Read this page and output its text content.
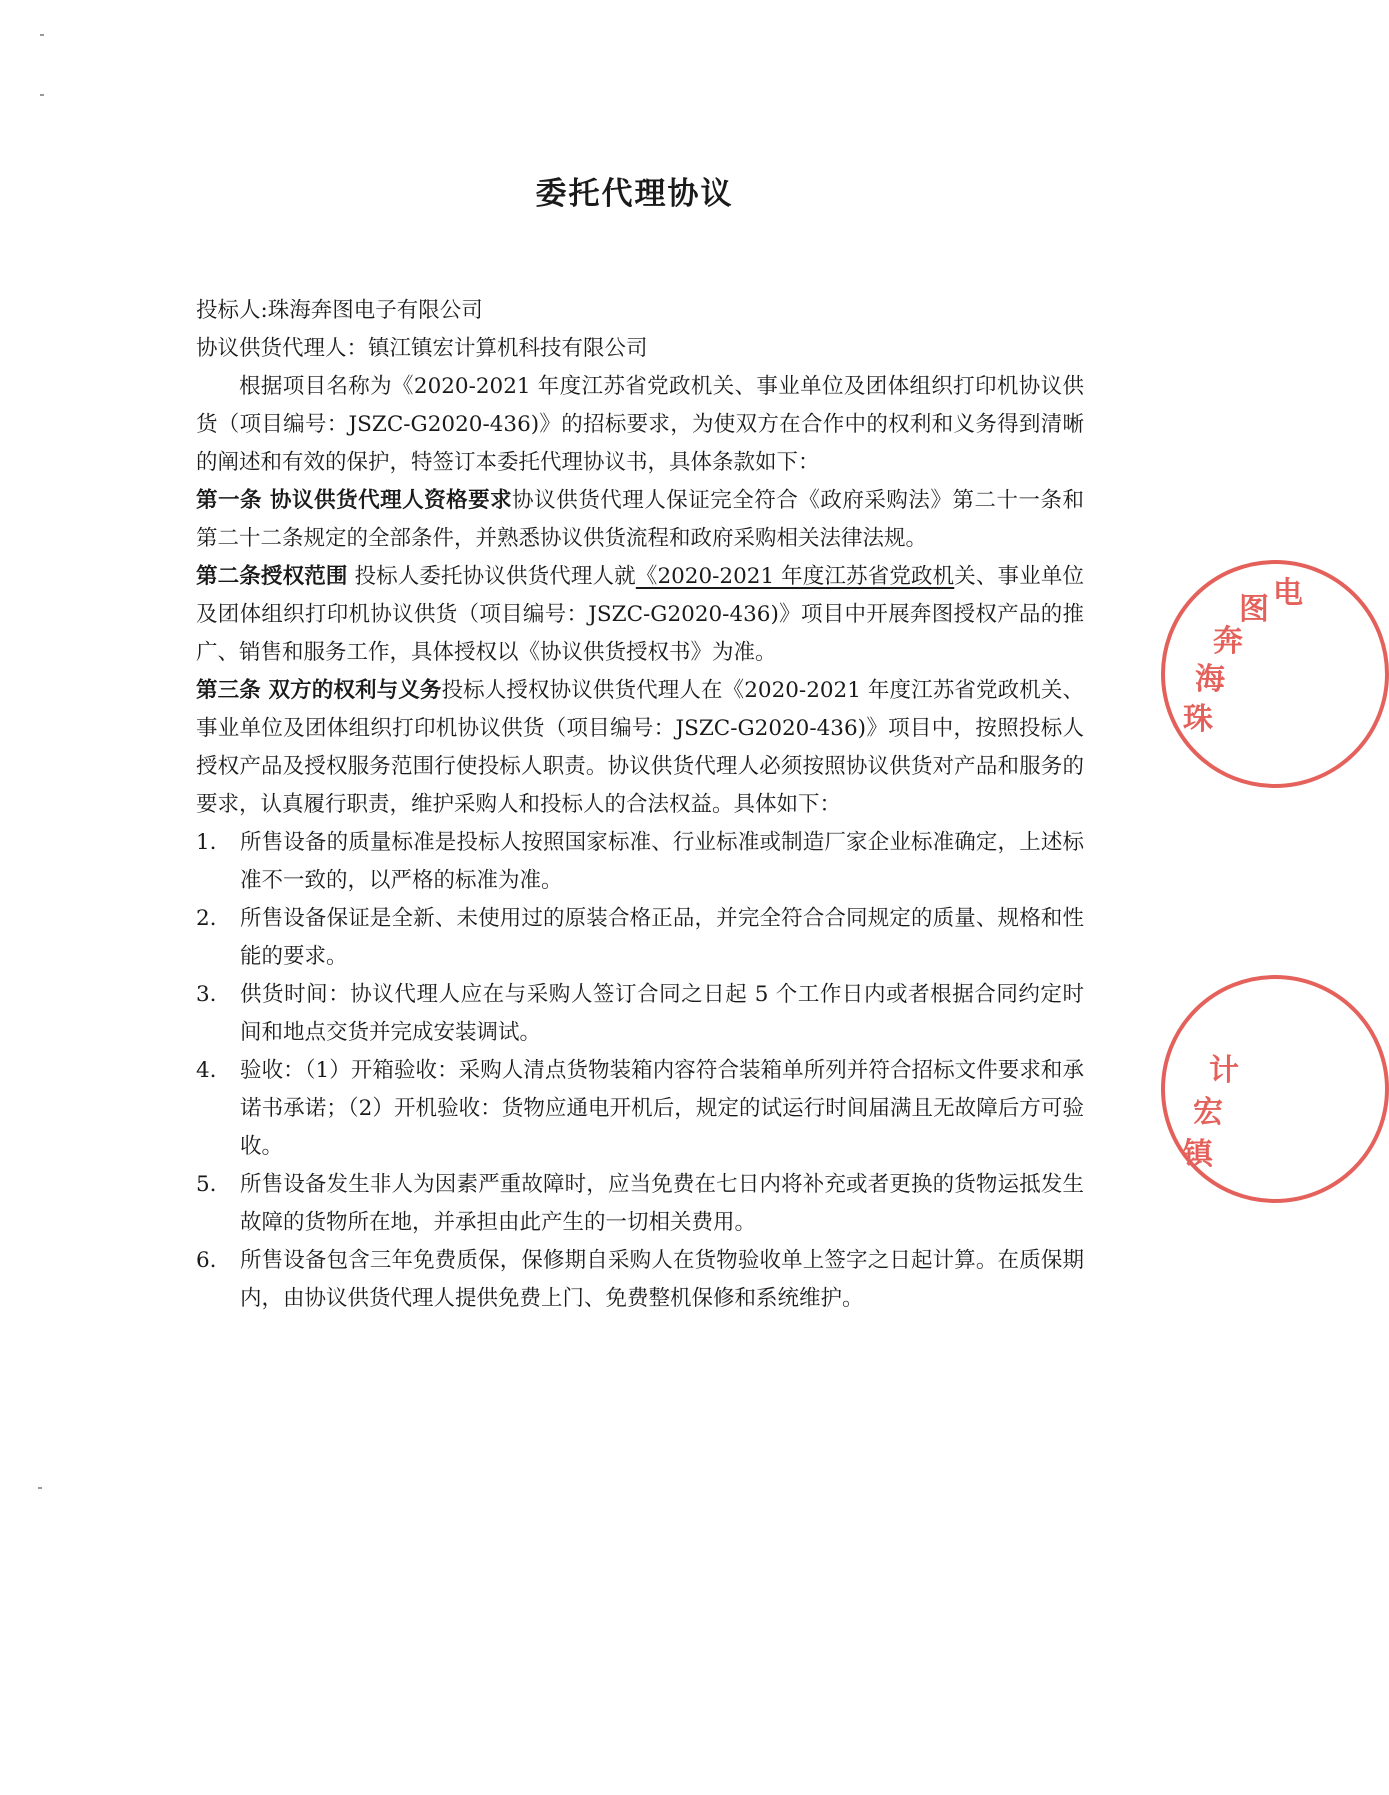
委托代理协议

投标人:珠海奔图电子有限公司

协议供货代理人：镇江镇宏计算机科技有限公司

根据项目名称为《2020-2021 年度江苏省党政机关、事业单位及团体组织打印机协议供货（项目编号：JSZC-G2020-436)》的招标要求，为使双方在合作中的权利和义务得到清晰的阐述和有效的保护，特签订本委托代理协议书，具体条款如下：

第一条 协议供货代理人资格要求协议供货代理人保证完全符合《政府采购法》第二十一条和第二十二条规定的全部条件，并熟悉协议供货流程和政府采购相关法律法规。

第二条授权范围 投标人委托协议供货代理人就《2020-2021 年度江苏省党政机关、事业单位及团体组织打印机协议供货（项目编号：JSZC-G2020-436)》项目中开展奔图授权产品的推广、销售和服务工作，具体授权以《协议供货授权书》为准。

第三条 双方的权利与义务投标人授权协议供货代理人在《2020-2021 年度江苏省党政机关、事业单位及团体组织打印机协议供货（项目编号：JSZC-G2020-436)》项目中，按照投标人授权产品及授权服务范围行使投标人职责。协议供货代理人必须按照协议供货对产品和服务的要求，认真履行职责，维护采购人和投标人的合法权益。具体如下：

1. 所售设备的质量标准是投标人按照国家标准、行业标准或制造厂家企业标准确定，上述标准不一致的，以严格的标准为准。
2. 所售设备保证是全新、未使用过的原装合格正品，并完全符合合同规定的质量、规格和性能的要求。
3. 供货时间：协议代理人应在与采购人签订合同之日起 5 个工作日内或者根据合同约定时间和地点交货并完成安装调试。
4. 验收：（1）开箱验收：采购人清点货物装箱内容符合装箱单所列并符合招标文件要求和承诺书承诺；（2）开机验收：货物应通电开机后，规定的试运行时间届满且无故障后方可验收。
5. 所售设备发生非人为因素严重故障时，应当免费在七日内将补充或者更换的货物运抵发生故障的货物所在地，并承担由此产生的一切相关费用。
6. 所售设备包含三年免费质保，保修期自采购人在货物验收单上签字之日起计算。在质保期内，由协议供货代理人提供免费上门、免费整机保修和系统维护。
珠
海
奔
图 电
镇
宏
计
